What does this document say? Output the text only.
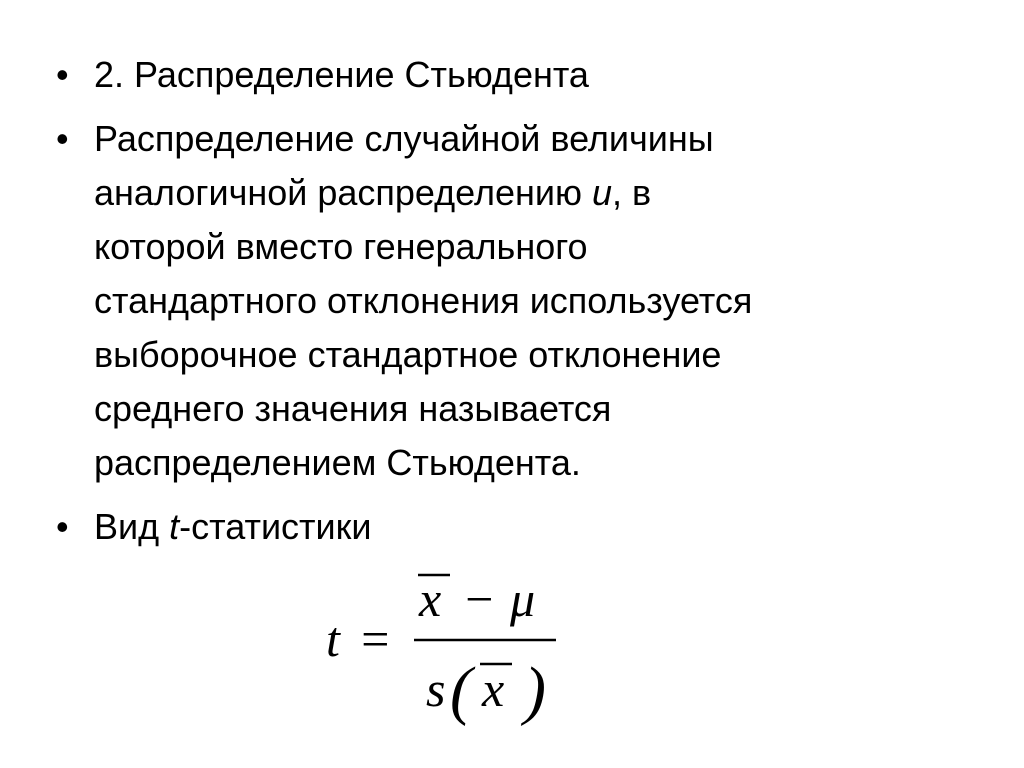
• 2. Распределение Стьюдента
• Распределение случайной величины
аналогичной распределению u, в
которой вместо генерального
стандартного отклонения используется
выборочное стандартное отклонение
среднего значения называется
распределением Стьюдента.
• Вид t-статистики
t =
x − μ
s ( x )
